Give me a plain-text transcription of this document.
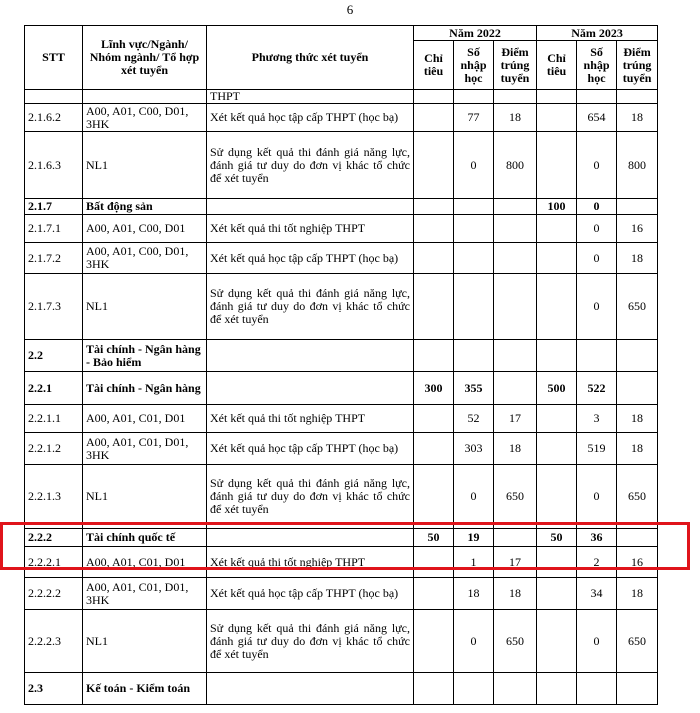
6
STT	Lĩnh vực/Ngành/ Nhóm ngành/ Tổ hợp xét tuyển	Phương thức xét tuyển	Năm 2022			Năm 2023		
			Chỉ tiêu	Số nhập học	Điểm trúng tuyển	Chỉ tiêu	Số nhập học	Điểm trúng tuyển
		THPT						
2.1.6.2	A00, A01, C00, D01, 3HK	Xét kết quả học tập cấp THPT (học bạ)		77	18		654	18
2.1.6.3	NL1	Sử dụng kết quả thi đánh giá năng lực, đánh giá tư duy do đơn vị khác tổ chức để xét tuyển		0	800		0	800
2.1.7	Bất động sản					100	0	
2.1.7.1	A00, A01, C00, D01	Xét kết quả thi tốt nghiệp THPT					0	16
2.1.7.2	A00, A01, C00, D01, 3HK	Xét kết quả học tập cấp THPT (học bạ)					0	18
2.1.7.3	NL1	Sử dụng kết quả thi đánh giá năng lực, đánh giá tư duy do đơn vị khác tổ chức để xét tuyển					0	650
2.2	Tài chính - Ngân hàng - Bảo hiểm							
2.2.1	Tài chính - Ngân hàng		300	355		500	522	
2.2.1.1	A00, A01, C01, D01	Xét kết quả thi tốt nghiệp THPT		52	17		3	18
2.2.1.2	A00, A01, C01, D01, 3HK	Xét kết quả học tập cấp THPT (học bạ)		303	18		519	18
2.2.1.3	NL1	Sử dụng kết quả thi đánh giá năng lực, đánh giá tư duy do đơn vị khác tổ chức để xét tuyển		0	650		0	650
2.2.2	Tài chính quốc tế		50	19		50	36	
2.2.2.1	A00, A01, C01, D01	Xét kết quả thi tốt nghiệp THPT		1	17		2	16
2.2.2.2	A00, A01, C01, D01, 3HK	Xét kết quả học tập cấp THPT (học bạ)		18	18		34	18
2.2.2.3	NL1	Sử dụng kết quả thi đánh giá năng lực, đánh giá tư duy do đơn vị khác tổ chức để xét tuyển		0	650		0	650
2.3	Kế toán - Kiểm toán							
